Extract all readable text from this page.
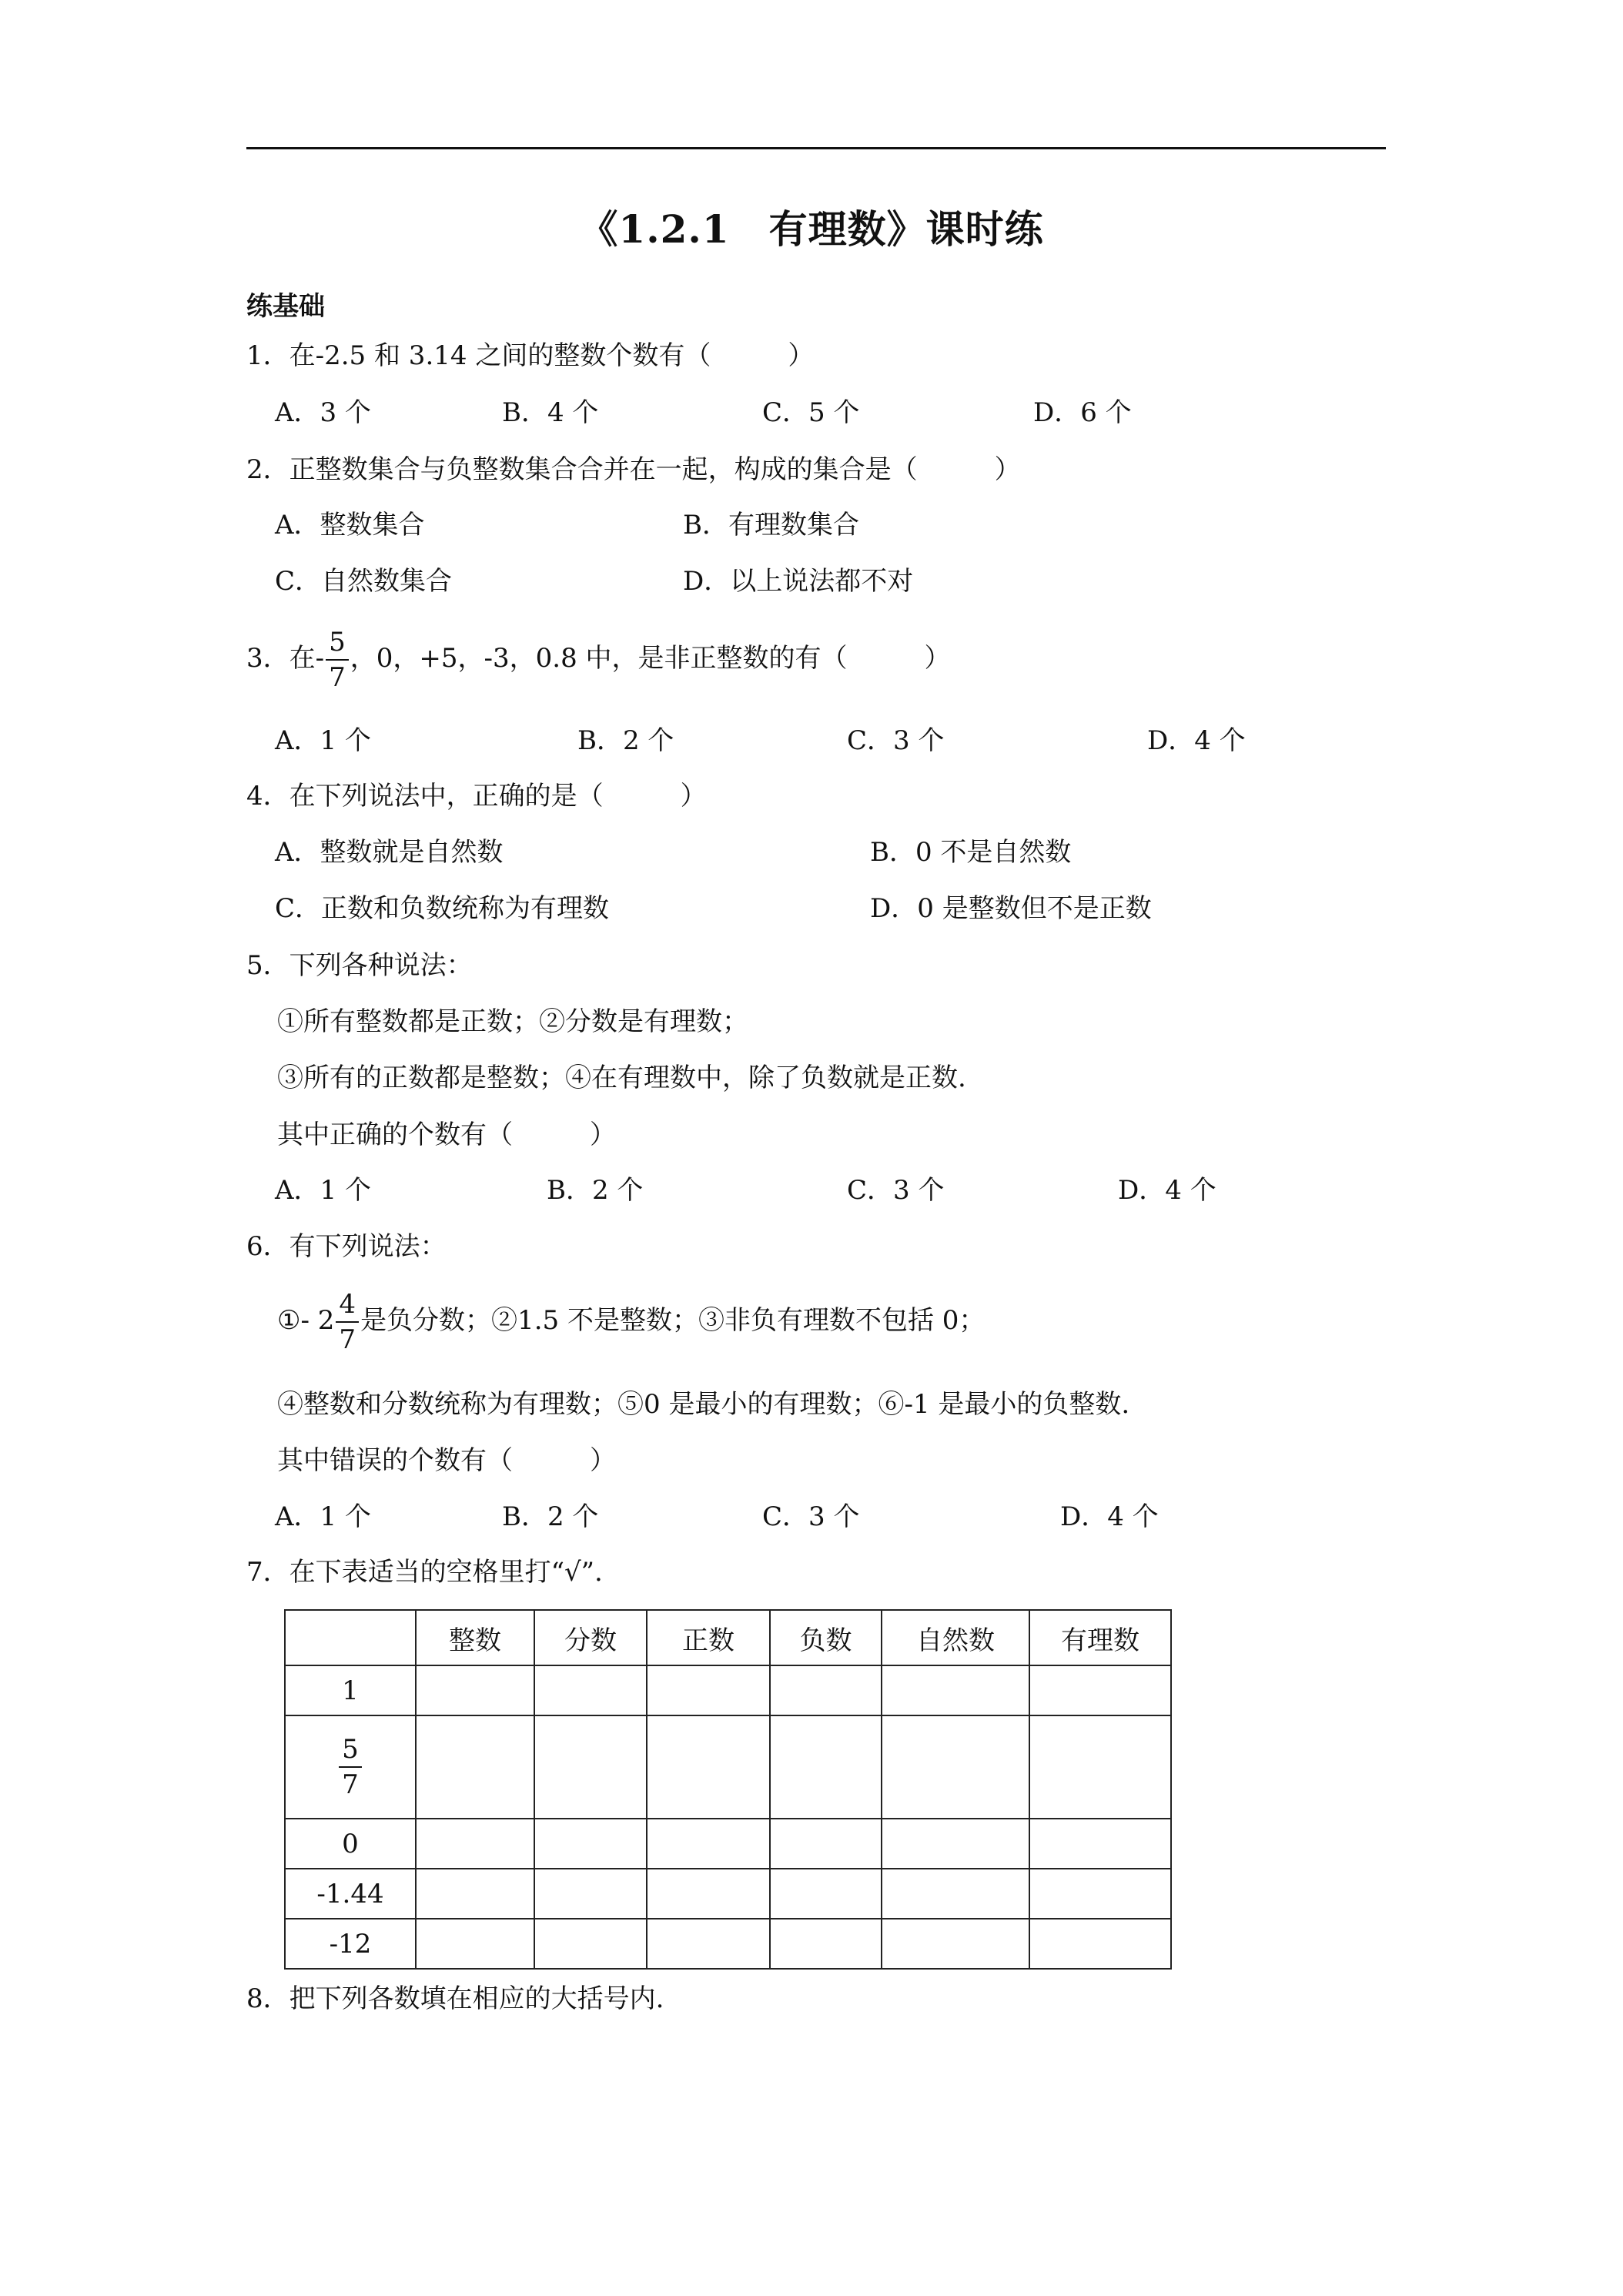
《1.2.1　有理数》课时练
练基础
1．在-2.5 和 3.14 之间的整数个数有（	）
A．3 个	B．4 个	C．5 个	D．6 个
2．正整数集合与负整数集合合并在一起，构成的集合是（	）
A．整数集合	B．有理数集合
C．自然数集合	D．以上说法都不对
3．在- $\frac{5}{7}$ ，0，+5，-3，0.8 中，是非正整数的有（	）
A．1 个	B．2 个	C．3 个	D．4 个
4．在下列说法中，正确的是（	）
A．整数就是自然数	B．0 不是自然数
C．正数和负数统称为有理数	D．0 是整数但不是正数
5．下列各种说法：
①所有整数都是正数；②分数是有理数；
③所有的正数都是整数；④在有理数中，除了负数就是正数.
其中正确的个数有（	）
A．1 个	B．2 个	C．3 个	D．4 个
6．有下列说法：
①- $2 \frac{4}{7}$ 是负分数；②1.5 不是整数；③非负有理数不包括 0；
④整数和分数统称为有理数；⑤0 是最小的有理数；⑥-1 是最小的负整数.
其中错误的个数有（	）
A．1 个	B．2 个	C．3 个	D．4 个
7．在下表适当的空格里打“√”.
	整数	分数	正数	负数	自然数	有理数
1						

$\frac{5}{7}$

0						
-1.44						
-12						
8．把下列各数填在相应的大括号内.
